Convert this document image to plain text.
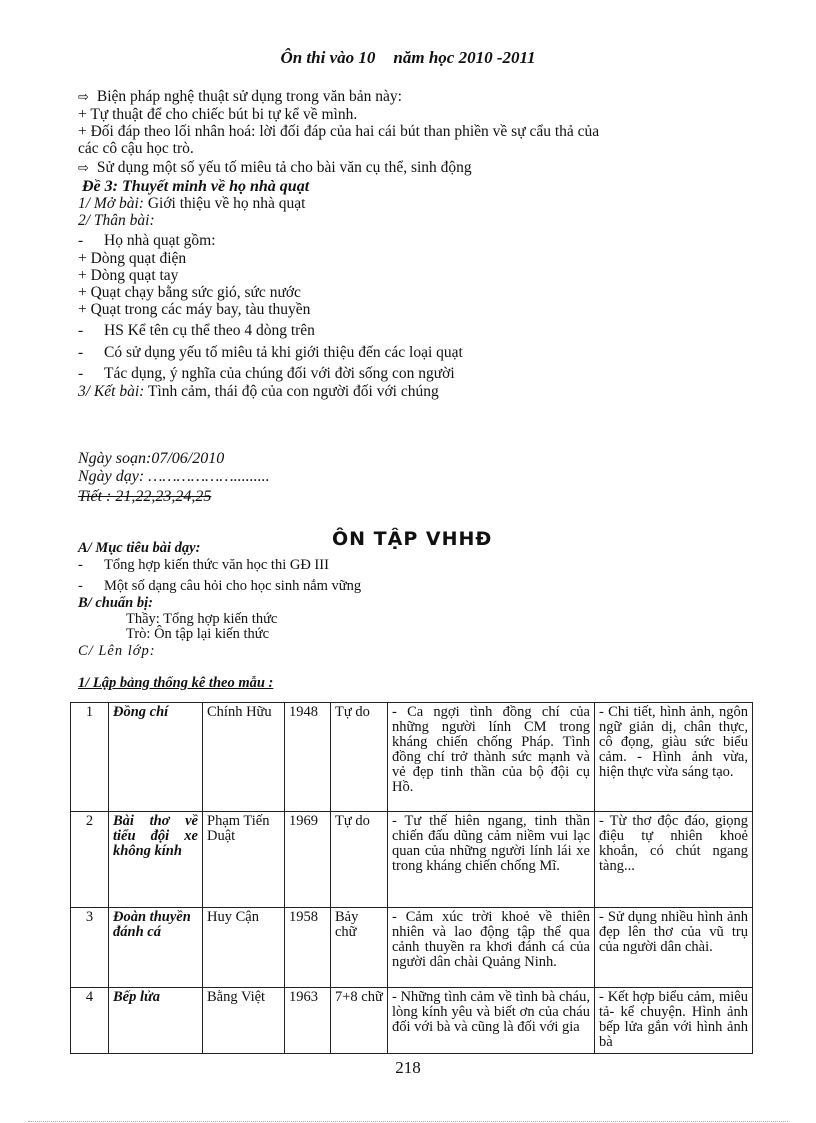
Ôn thi vào 10 năm học 2010 -2011
⇨ Biện pháp nghệ thuật sử dụng trong văn bản này:
+ Tự thuật để cho chiếc bút bi tự kể về mình.
+ Đối đáp theo lối nhân hoá: lời đối đáp của hai cái bút than phiền về sự cẩu thả của
các cô cậu học trò.
⇨ Sử dụng một số yếu tố miêu tả cho bài văn cụ thể, sinh động
Đề 3: Thuyết minh về họ nhà quạt
1/ Mở bài: Giới thiệu về họ nhà quạt
2/ Thân bài:
- Họ nhà quạt gồm:
+ Dòng quạt điện
+ Dòng quạt tay
+ Quạt chạy bằng sức gió, sức nước
+ Quạt trong các máy bay, tàu thuyền
- HS Kể tên cụ thể theo 4 dòng trên
- Có sử dụng yếu tố miêu tả khi giới thiệu đến các loại quạt
- Tác dụng, ý nghĩa của chúng đối với đời sống con người
3/ Kết bài: Tình cảm, thái độ của con người đối với chúng
Ngày soạn:07/06/2010
Ngày dạy: ……………….........
Tiết : 21,22,23,24,25
ÔN TẬP VHHĐ
A/ Mục tiêu bài dạy:
- Tổng hợp kiến thức văn học thi GĐ III
- Một số dạng câu hỏi cho học sinh nắm vững
B/ chuẩn bị:
Thầy: Tổng hợp kiến thức
Trò: Ôn tập lại kiến thức
C/ Lên lớp:
1/ Lập bảng thống kê theo mẫu :
1	Đồng chí	Chính Hữu	1948	Tự do	- Ca ngợi tình đồng chí của những người lính CM trong kháng chiến chống Pháp. Tình đồng chí trở thành sức mạnh và vẻ đẹp tinh thần của bộ đội cụ Hồ.	- Chi tiết, hình ảnh, ngôn ngữ giản dị, chân thực, cô đọng, giàu sức biểu cảm. - Hình ảnh vừa, hiện thực vừa sáng tạo.
2	Bài thơ về tiểu đội xe không kính	Phạm Tiến Duật	1969	Tự do	- Tư thế hiên ngang, tinh thần chiến đấu dũng cảm niềm vui lạc quan của những người lính lái xe trong kháng chiến chống Mĩ.	- Từ thơ độc đáo, giọng điệu tự nhiên khoẻ khoắn, có chút ngang tàng...
3	Đoàn thuyền đánh cá	Huy Cận	1958	Bảy chữ	- Cảm xúc trời khoẻ về thiên nhiên và lao động tập thể qua cảnh thuyền ra khơi đánh cá của người dân chài Quảng Ninh.	- Sử dụng nhiều hình ảnh đẹp lên thơ của vũ trụ của người dân chài.
4	Bếp lửa	Bằng Việt	1963	7+8 chữ	- Những tình cảm về tình bà cháu, lòng kính yêu và biết ơn của cháu đối với bà và cũng là đối với gia	- Kết hợp biểu cảm, miêu tả- kể chuyện. Hình ảnh bếp lửa gắn với hình ảnh bà
218
